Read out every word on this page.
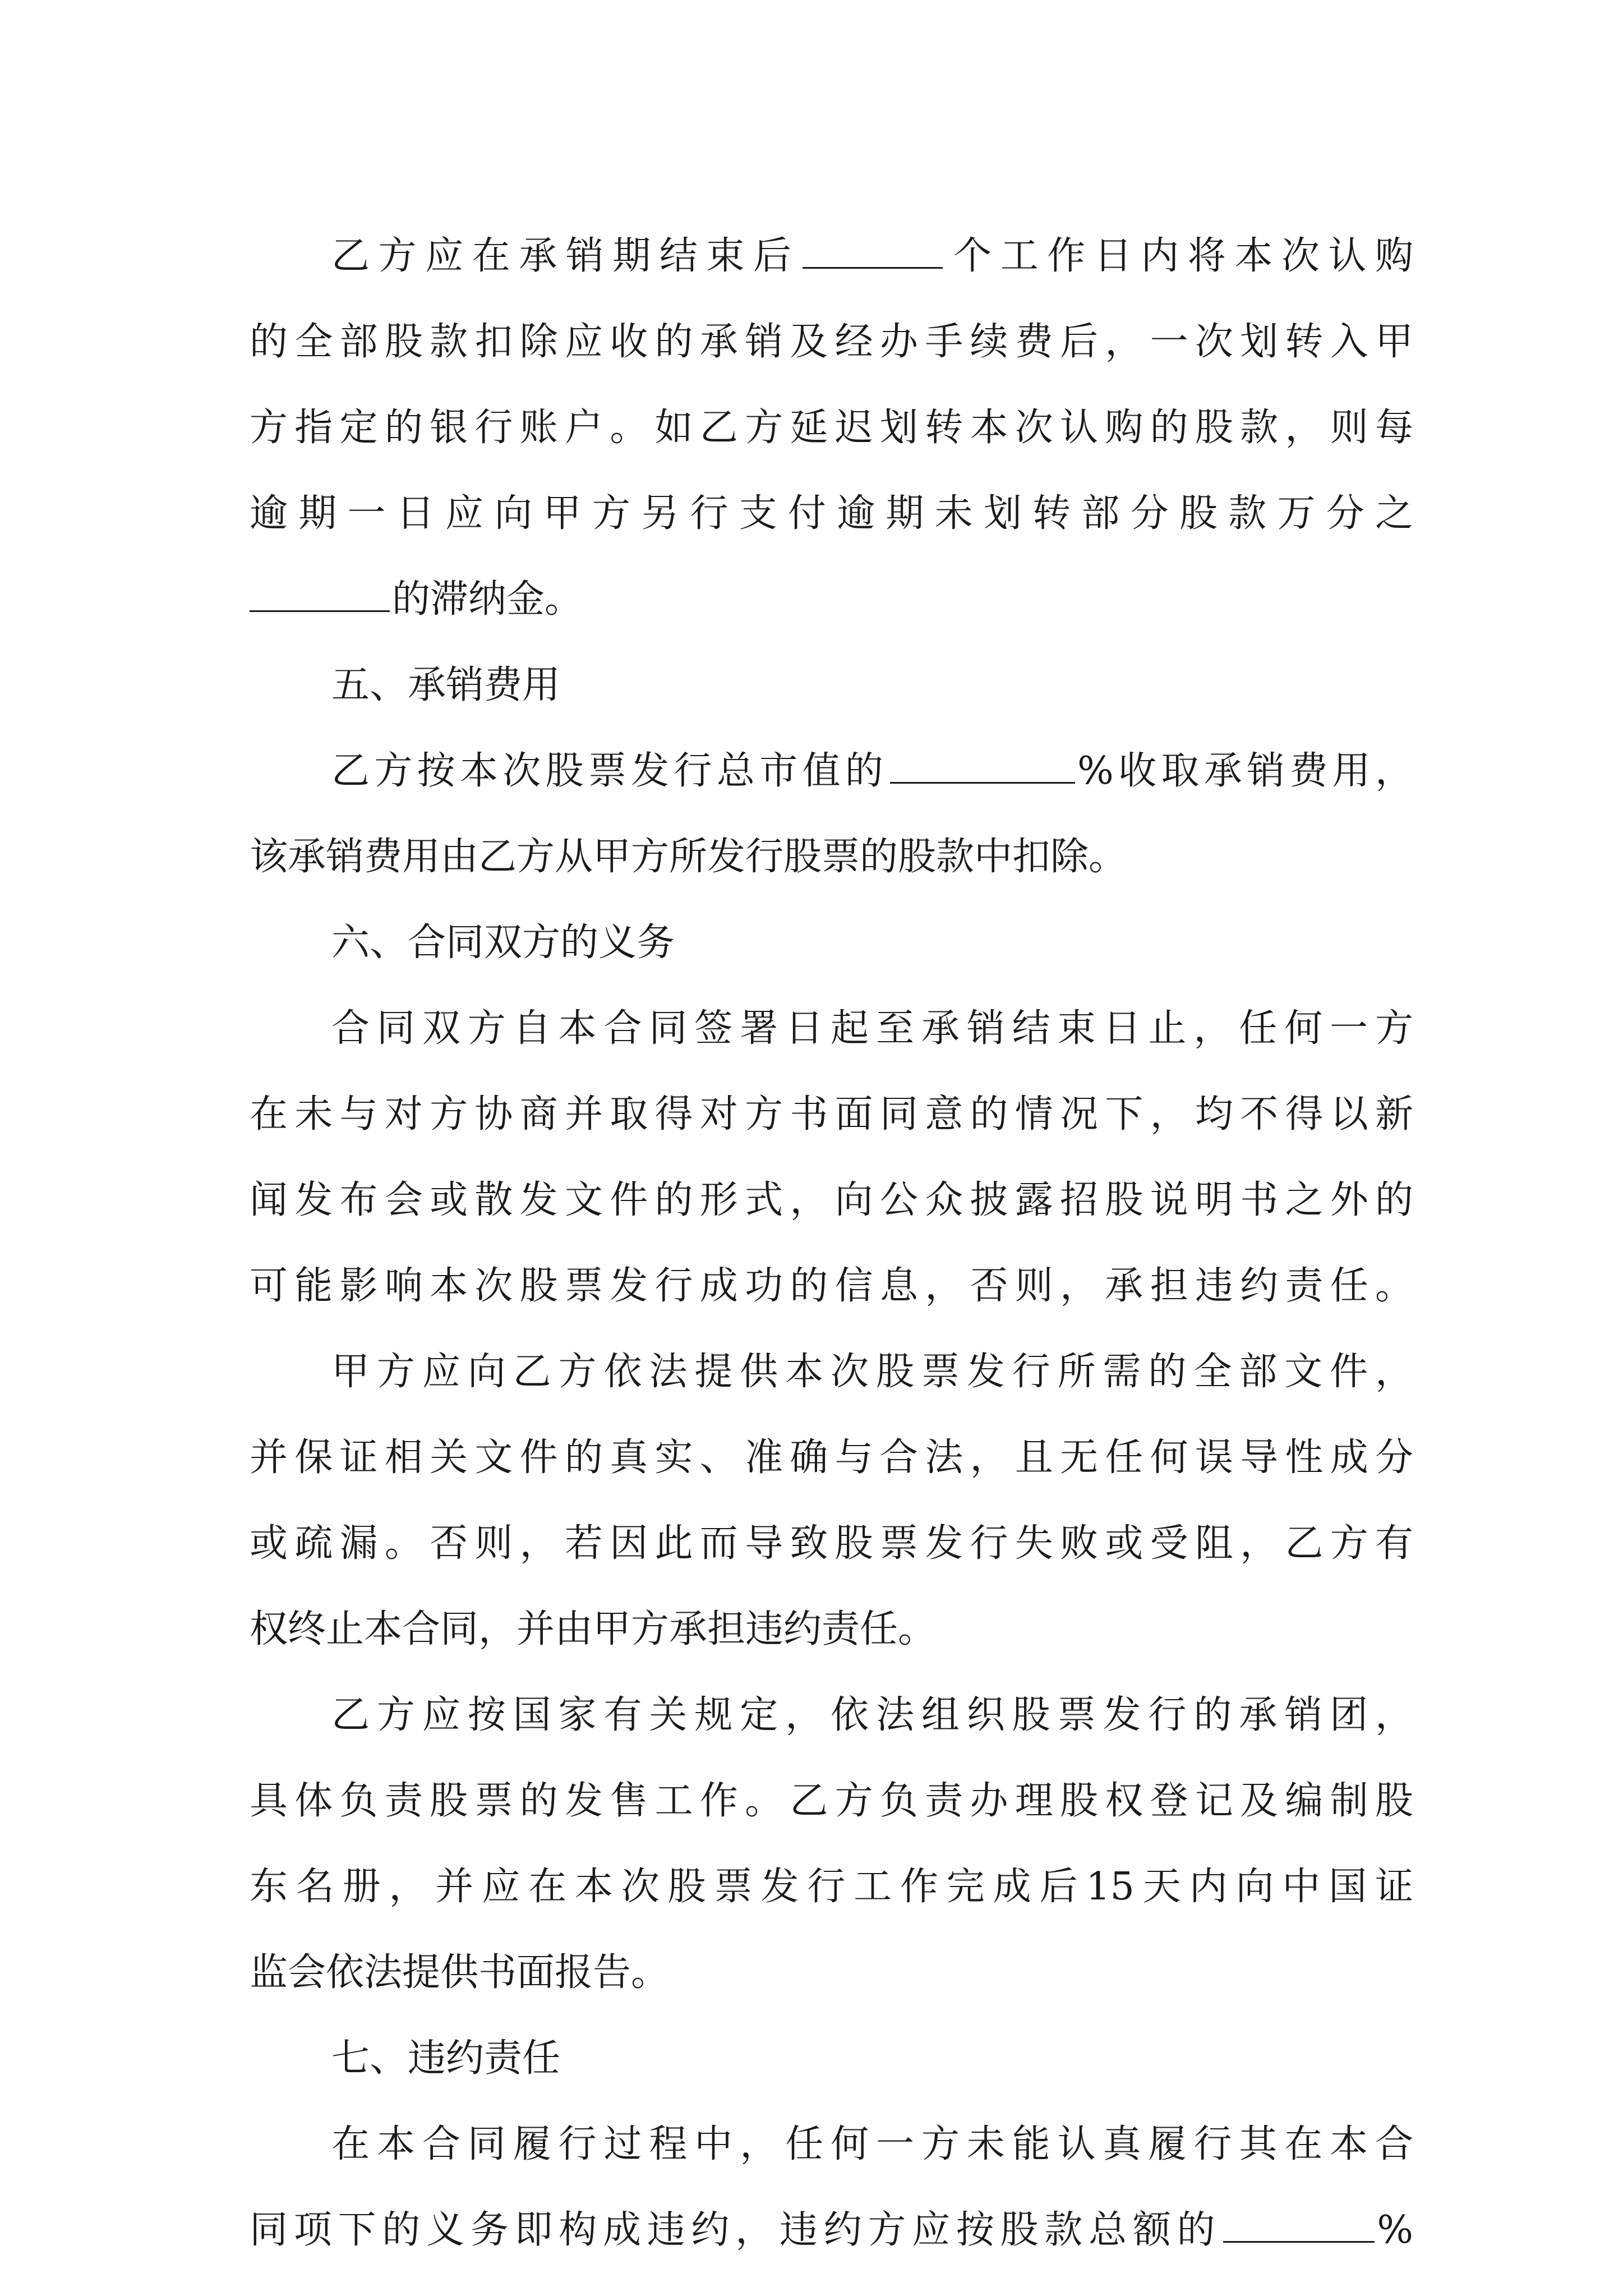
乙方应在承销期结束后	个工作日内将本次认购
的全部股款扣除应收的承销及经办手续费后，一次划转入甲
方指定的银行账户。如乙方延迟划转本次认购的股款，则每
逾期一日应向甲方另行支付逾期未划转部分股款万分之
的滞纳金。
五、承销费用
乙方按本次股票发行总市值的	%收取承销费用，
该承销费用由乙方从甲方所发行股票的股款中扣除。
六、合同双方的义务
合同双方自本合同签署日起至承销结束日止，任何一方
在未与对方协商并取得对方书面同意的情况下，均不得以新
闻发布会或散发文件的形式，向公众披露招股说明书之外的
可能影响本次股票发行成功的信息，否则，承担违约责任。
甲方应向乙方依法提供本次股票发行所需的全部文件，
并保证相关文件的真实、准确与合法，且无任何误导性成分
或疏漏。否则，若因此而导致股票发行失败或受阻，乙方有
权终止本合同，并由甲方承担违约责任。
乙方应按国家有关规定，依法组织股票发行的承销团，
具体负责股票的发售工作。乙方负责办理股权登记及编制股
东名册，并应在本次股票发行工作完成后15天内向中国证
监会依法提供书面报告。
七、违约责任
在本合同履行过程中，任何一方未能认真履行其在本合
同项下的义务即构成违约，违约方应按股款总额的	%
